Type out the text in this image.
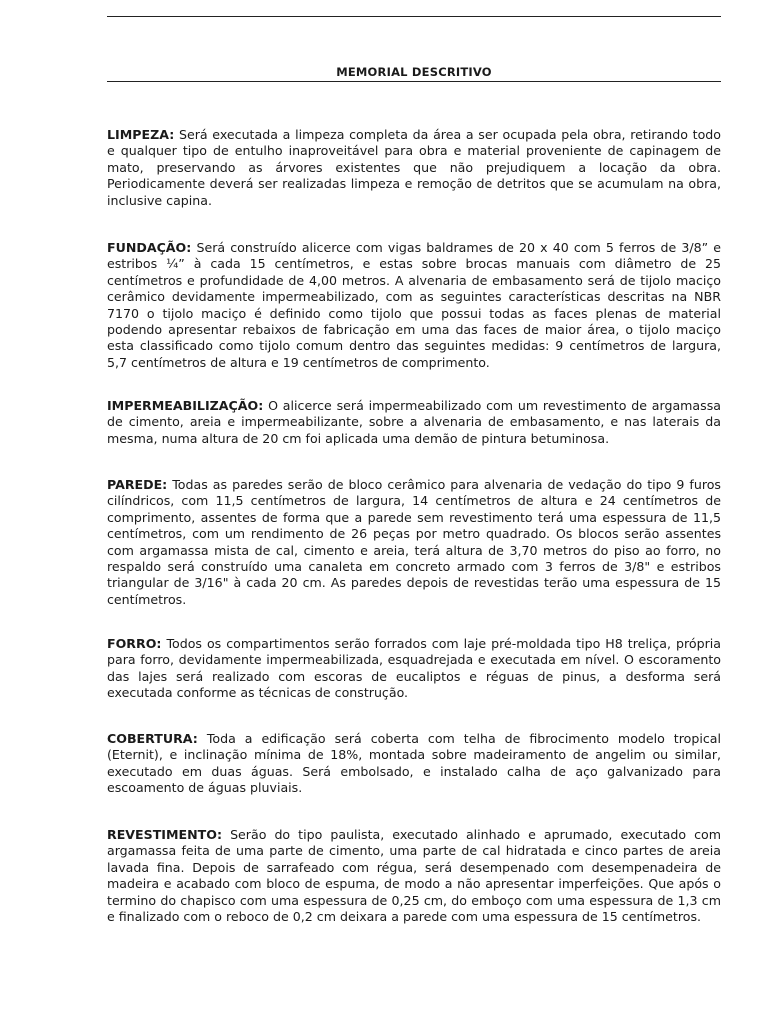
MEMORIAL DESCRITIVO

LIMPEZA: Será executada a limpeza completa da área a ser ocupada pela obra, retirando todo e qualquer tipo de entulho inaproveitável para obra e material proveniente de capinagem de mato, preservando as árvores existentes que não prejudiquem a locação da obra. Periodicamente deverá ser realizadas limpeza e remoção de detritos que se acumulam na obra, inclusive capina.

FUNDAÇÃO: Será construído alicerce com vigas baldrames de 20 x 40 com 5 ferros de 3/8” e estribos ¼” à cada 15 centímetros, e estas sobre brocas manuais com diâmetro de 25 centímetros e profundidade de 4,00 metros. A alvenaria de embasamento será de tijolo maciço cerâmico devidamente impermeabilizado, com as seguintes características descritas na NBR 7170 o tijolo maciço é definido como tijolo que possui todas as faces plenas de material podendo apresentar rebaixos de fabricação em uma das faces de maior área, o tijolo maciço esta classificado como tijolo comum dentro das seguintes medidas: 9 centímetros de largura, 5,7 centímetros de altura e 19 centímetros de comprimento.

IMPERMEABILIZAÇÃO: O alicerce será impermeabilizado com um revestimento de argamassa de cimento, areia e impermeabilizante, sobre a alvenaria de embasamento, e nas laterais da mesma, numa altura de 20 cm foi aplicada uma demão de pintura betuminosa.

PAREDE: Todas as paredes serão de bloco cerâmico para alvenaria de vedação do tipo 9 furos cilíndricos, com 11,5 centímetros de largura, 14 centímetros de altura e 24 centímetros de comprimento, assentes de forma que a parede sem revestimento terá uma espessura de 11,5 centímetros, com um rendimento de 26 peças por metro quadrado. Os blocos serão assentes com argamassa mista de cal, cimento e areia, terá altura de 3,70 metros do piso ao forro, no respaldo será construído uma canaleta em concreto armado com 3 ferros de 3/8" e estribos triangular de 3/16" à cada 20 cm. As paredes depois de revestidas terão uma espessura de 15 centímetros.

FORRO: Todos os compartimentos serão forrados com laje pré-moldada tipo H8 treliça, própria para forro, devidamente impermeabilizada, esquadrejada e executada em nível. O escoramento das lajes será realizado com escoras de eucaliptos e réguas de pinus, a desforma será executada conforme as técnicas de construção.

COBERTURA: Toda a edificação será coberta com telha de fibrocimento modelo tropical (Eternit), e inclinação mínima de 18%, montada sobre madeiramento de angelim ou similar, executado em duas águas. Será embolsado, e instalado calha de aço galvanizado para escoamento de águas pluviais.

REVESTIMENTO: Serão do tipo paulista, executado alinhado e aprumado, executado com argamassa feita de uma parte de cimento, uma parte de cal hidratada e cinco partes de areia lavada fina. Depois de sarrafeado com régua, será desempenado com desempenadeira de madeira e acabado com bloco de espuma, de modo a não apresentar imperfeições. Que após o termino do chapisco com uma espessura de 0,25 cm, do emboço com uma espessura de 1,3 cm e finalizado com o reboco de 0,2 cm deixara a parede com uma espessura de 15 centímetros.
